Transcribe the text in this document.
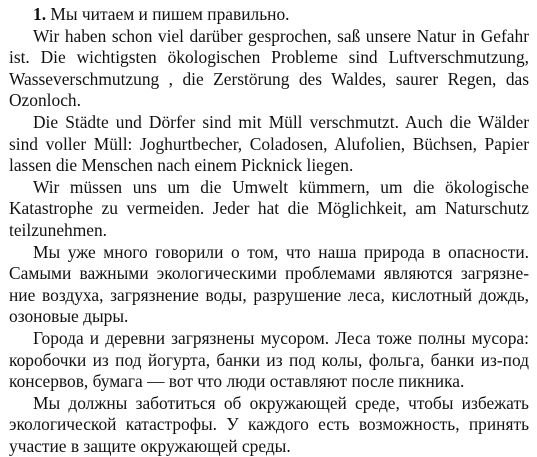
1. Мы читаем и пишем правильно.

Wir haben schon viel darüber gesprochen, saß unsere Natur in Gefahr ist. Die wichtigsten ökologischen Probleme sind Luftverschmutzung, Wasseverschmutzung , die Zerstörung des Waldes, saurer Regen, das Ozonloch.

Die Städte und Dörfer sind mit Müll verschmutzt. Auch die Wälder sind voller Müll: Joghurtbecher, Coladosen, Alufolien, Büchsen, Papier lassen die Menschen nach einem Picknick liegen.

Wir müssen uns um die Umwelt kümmern, um die ökologische Katastrophe zu vermeiden. Jeder hat die Möglichkeit, am Naturschutz teilzunehmen.

Мы уже много говорили о том, что наша природа в опасности. Самыми важными экологическими проблемами являются загрязнение воздуха, загрязнение воды, разрушение леса, кислотный дождь, озоновые дыры.

Города и деревни загрязнены мусором. Леса тоже полны мусора: коробочки из под йогурта, банки из под колы, фольга, банки из-под консервов, бумага — вот что люди оставляют после пикника.

Мы должны заботиться об окружающей среде, чтобы избежать экологической катастрофы. У каждого есть возможность, принять участие в защите окружающей среды.
